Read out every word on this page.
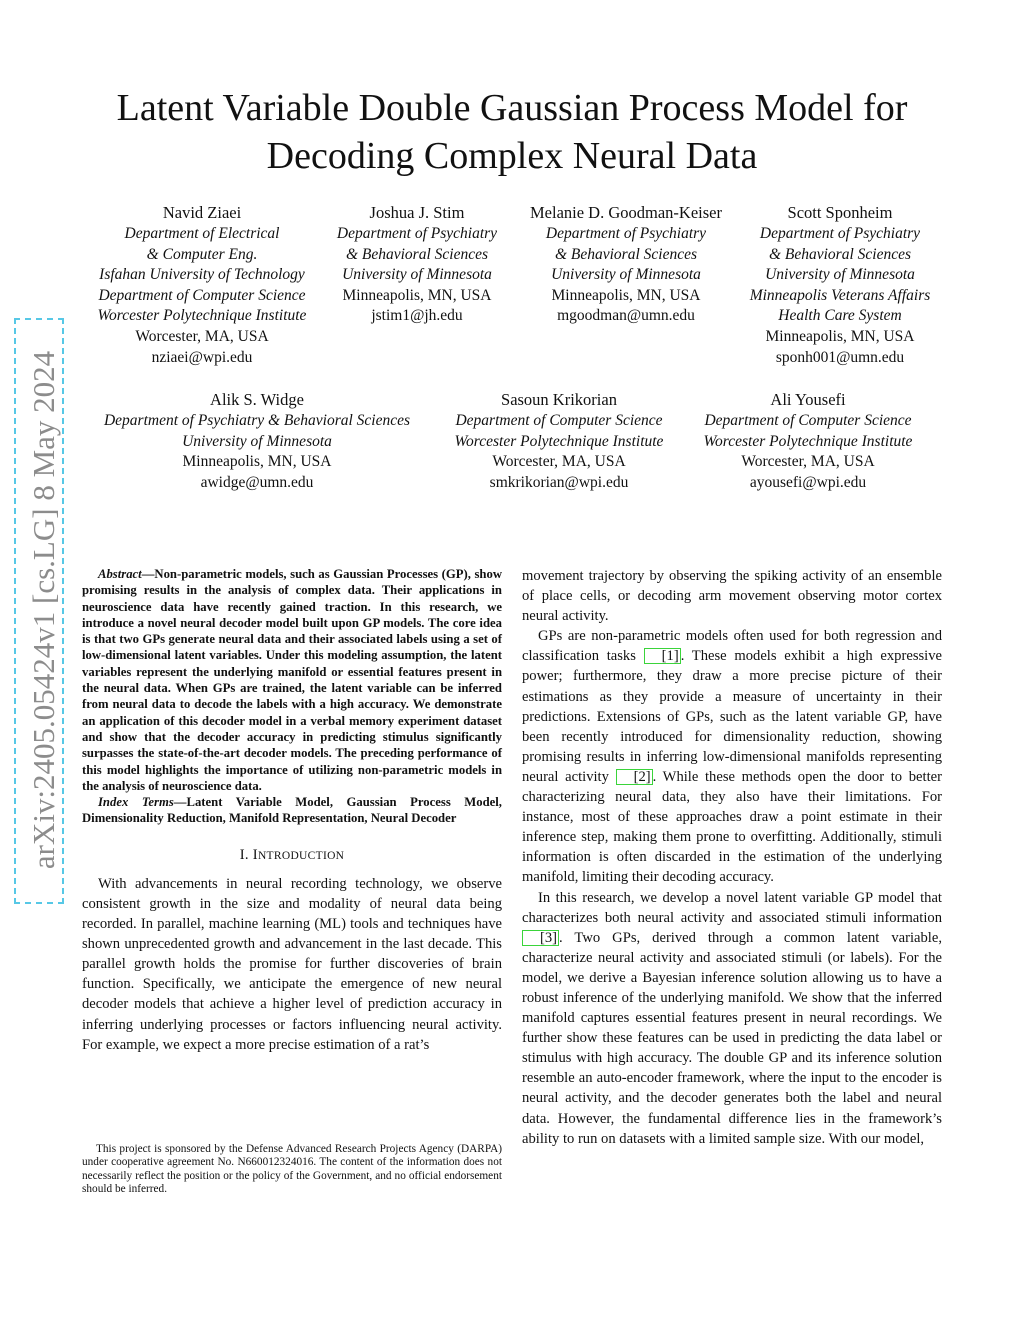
arXiv:2405.05424v1 [cs.LG] 8 May 2024
Latent Variable Double Gaussian Process Model for
Decoding Complex Neural Data
Navid Ziaei
Department of Electrical
& Computer Eng.
Isfahan University of Technology
Department of Computer Science
Worcester Polytechnique Institute
Worcester, MA, USA
nziaei@wpi.edu
Joshua J. Stim
Department of Psychiatry
& Behavioral Sciences
University of Minnesota
Minneapolis, MN, USA
jstim1@jh.edu
Melanie D. Goodman-Keiser
Department of Psychiatry
& Behavioral Sciences
University of Minnesota
Minneapolis, MN, USA
mgoodman@umn.edu
Scott Sponheim
Department of Psychiatry
& Behavioral Sciences
University of Minnesota
Minneapolis Veterans Affairs
Health Care System
Minneapolis, MN, USA
sponh001@umn.edu
Alik S. Widge
Department of Psychiatry & Behavioral Sciences
University of Minnesota
Minneapolis, MN, USA
awidge@umn.edu
Sasoun Krikorian
Department of Computer Science
Worcester Polytechnique Institute
Worcester, MA, USA
smkrikorian@wpi.edu
Ali Yousefi
Department of Computer Science
Worcester Polytechnique Institute
Worcester, MA, USA
ayousefi@wpi.edu

Abstract—Non-parametric models, such as Gaussian Processes (GP), show promising results in the analysis of complex data. Their applications in neuroscience data have recently gained traction. In this research, we introduce a novel neural decoder model built upon GP models. The core idea is that two GPs generate neural data and their associated labels using a set of low-dimensional latent variables. Under this modeling assumption, the latent variables represent the underlying manifold or essential features present in the neural data. When GPs are trained, the latent variable can be inferred from neural data to decode the labels with a high accuracy. We demonstrate an application of this decoder model in a verbal memory experiment dataset and show that the decoder accuracy in predicting stimulus significantly surpasses the state-of-the-art decoder models. The preceding performance of this model highlights the importance of utilizing non-parametric models in the analysis of neuroscience data.

Index Terms—Latent Variable Model, Gaussian Process Model, Dimensionality Reduction, Manifold Representation, Neural Decoder

I. INTRODUCTION

With advancements in neural recording technology, we observe consistent growth in the size and modality of neural data being recorded. In parallel, machine learning (ML) tools and techniques have shown unprecedented growth and advancement in the last decade. This parallel growth holds the promise for further discoveries of brain function. Specifically, we anticipate the emergence of new neural decoder models that achieve a higher level of prediction accuracy in inferring underlying processes or factors influencing neural activity. For example, we expect a more precise estimation of a rat’s

This project is sponsored by the Defense Advanced Research Projects Agency (DARPA) under cooperative agreement No. N660012324016. The content of the information does not necessarily reflect the position or the policy of the Government, and no official endorsement should be inferred.

movement trajectory by observing the spiking activity of an ensemble of place cells, or decoding arm movement observing motor cortex neural activity.

GPs are non-parametric models often used for both regression and classification tasks [1] . These models exhibit a high expressive power; furthermore, they draw a more precise picture of their estimations as they provide a measure of uncertainty in their predictions. Extensions of GPs, such as the latent variable GP, have been recently introduced for dimensionality reduction, showing promising results in inferring low-dimensional manifolds representing neural activity [2] . While these methods open the door to better characterizing neural data, they also have their limitations. For instance, most of these approaches draw a point estimate in their inference step, making them prone to overfitting. Additionally, stimuli information is often discarded in the estimation of the underlying manifold, limiting their decoding accuracy.

In this research, we develop a novel latent variable GP model that characterizes both neural activity and associated stimuli information [3] . Two GPs, derived through a common latent variable, characterize neural activity and associated stimuli (or labels). For the model, we derive a Bayesian inference solution allowing us to have a robust inference of the underlying manifold. We show that the inferred manifold captures essential features present in neural recordings. We further show these features can be used in predicting the data label or stimulus with high accuracy. The double GP and its inference solution resemble an auto-encoder framework, where the input to the encoder is neural activity, and the decoder generates both the label and neural data. However, the fundamental difference lies in the framework’s ability to run on datasets with a limited sample size. With our model,
